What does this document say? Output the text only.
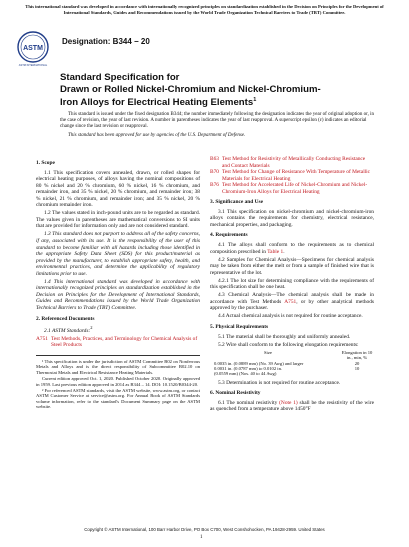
This international standard was developed in accordance with internationally recognized principles on standardization established in the Decision on Principles for the Development of International Standards, Guides and Recommendations issued by the World Trade Organization Technical Barriers to Trade (TBT) Committee.
ASTM
ASTM INTERNATIONAL
Designation: B344 − 20
Standard Specification for
Drawn or Rolled Nickel-Chromium and Nickel-Chromium-
Iron Alloys for Electrical Heating Elements$^1$
This standard is issued under the fixed designation B344; the number immediately following the designation indicates the year of original adoption or, in the case of revision, the year of last revision. A number in parentheses indicates the year of last reapproval. A superscript epsilon (ε) indicates an editorial change since the last revision or reapproval.
This standard has been approved for use by agencies of the U.S. Department of Defense.
1. Scope
1.1 This specification covers annealed, drawn, or rolled shapes for electrical heating purposes, of alloys having the nominal compositions of 80 % nickel and 20 % chromium, 60 % nickel, 16 % chromium, and remainder iron, and 35 % nickel, 20 % chromium, and remainder iron; 38 % nickel, 21 % chromium, and remainder iron; and 35 % nickel, 20 % chromium remainder iron.
1.2 The values stated in inch-pound units are to be regarded as standard. The values given in parentheses are mathematical conversions to SI units that are provided for information only and are not considered standard.
1.3 This standard does not purport to address all of the safety concerns, if any, associated with its use. It is the responsibility of the user of this standard to become familiar with all hazards including those identified in the appropriate Safety Data Sheet (SDS) for this product/material as provided by the manufacturer, to establish appropriate safety, health, and environmental practices, and determine the applicability of regulatory limitations prior to use.
1.4 This international standard was developed in accordance with internationally recognized principles on standardization established in the Decision on Principles for the Development of International Standards, Guides and Recommendations issued by the World Trade Organization Technical Barriers to Trade (TBT) Committee.
2. Referenced Documents
2.1 ASTM Standards:$^2$
A751 Test Methods, Practices, and Terminology for Chemical Analysis of Steel Products
¹ This specification is under the jurisdiction of ASTM Committee B02 on Nonferrous Metals and Alloys and is the direct responsibility of Subcommittee B02.10 on Thermostat Metals and Electrical Resistance Heating Materials.
Current edition approved Oct. 1, 2020. Published October 2020. Originally approved in 1959. Last previous edition approved in 2014 as B344 – 14. DOI: 10.1520/B0344-20.
² For referenced ASTM standards, visit the ASTM website, www.astm.org, or contact ASTM Customer Service at service@astm.org. For Annual Book of ASTM Standards volume information, refer to the standard's Document Summary page on the ASTM website.
B63 Test Method for Resistivity of Metallically Conducting Resistance and Contact Materials
B70 Test Method for Change of Resistance With Temperature of Metallic Materials for Electrical Heating
B76 Test Method for Accelerated Life of Nickel-Chromium and Nickel-Chromium-Iron Alloys for Electrical Heating
3. Significance and Use
3.1 This specification on nickel-chromium and nickel-chromium-iron alloys contains the requirements for chemistry, electrical resistance, mechanical properties, and packaging.
4. Requirements
4.1 The alloys shall conform to the requirements as to chemical composition prescribed in Table 1.
4.2 Samples for Chemical Analysis—Specimens for chemical analysis may be taken from either the melt or from a sample of finished wire that is representative of the lot.
4.2.1 The lot size for determining compliance with the requirements of this specification shall be one heat.
4.3 Chemical Analysis—The chemical analysis shall be made in accordance with Test Methods A751, or by other analytical methods approved by the purchaser.
4.4 Actual chemical analysis is not required for routine acceptance.
5. Physical Requirements
5.1 The material shall be thoroughly and uniformly annealed.
5.2 Wire shall conform to the following elongation requirements:
Size	Elongation in 10 in., min, %
0.0035 in. (0.0889 mm) (No. 39 Awg) and larger	20
0.0031 in. (0.0787 mm) to 0.0102 in.	10
(0.0559 mm) (Nos. 40 to 44 Awg)
5.3 Determination is not required for routine acceptance.
6. Nominal Resistivity
6.1 The nominal resistivity (Note 1) shall be the resistivity of the wire as quenched from a temperature above 1450°F
Copyright © ASTM International, 100 Barr Harbor Drive, PO Box C700, West Conshohocken, PA 19428-2959. United States
1
